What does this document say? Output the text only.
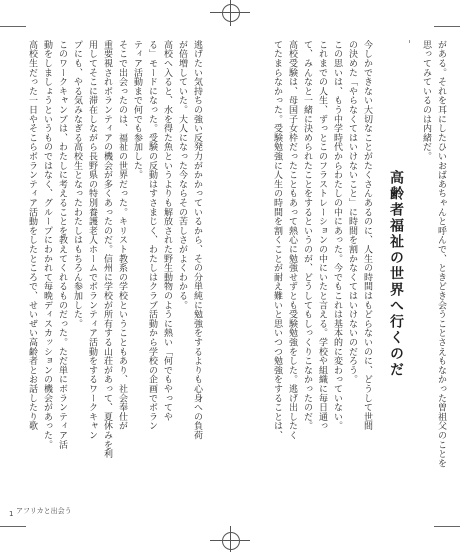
がある。それを耳にしたひいおばあちゃんと呼んで、ときどき会うことさえもなかった曽祖父のことを

思ってみているのは内緒だ。

高齢者福祉の世界へ行くのだ

今しかできない大切なことがたくさんあるのに、人生の時間はもどらないのに、どうして世間

の決めた「やらなくてはいけないこと」に時間を割かなくてはいけないのだろう。

この思いは、もう中学時代からわたしの中にあった。今でもこれは基本的に変わっていない。

これまでの人生、ずっとこのフラストレーションの中にいたと言える。学校や組織に毎日通っ

て、みんなと一緒に決められたことをするというのが、どうしてもしっくりこなかったのだ。

高校受験は、母国子女枠だったこともあって熱心に勉強せずとも受験勉強をした。逃げ出したく

てたまらなかった。受験勉強に人生の時間を割くことが耐え難いと思いつつ勉強をすることは、

逃げたい気持ちの強い反発力がかかっているから、その分単純に勉強をするよりも心身への負荷

が倍増していた。大人になった今ならその苦しさがよくわかる。

高校へ入ると、水を得た魚というよりも解放された野生動物のように熱い「何でもやってや

る」モードになった。受験の反動はすさまじく、わたしはクラブ活動から学校の企画でボラン

ティア活動まで何でも参加した。

そこで出会ったのは、福祉の世界だった。キリスト教系の学校ということもあり、社会奉仕が

重要視されボランティアの機会が多くあったのだ。信州に学校が所有する山荘があって、夏休みを利

用してそこに滞在しながら長野県の特別養護老人ホームでボランティア活動をするワークキャン

プにも、やる気みなぎる高校生となったわたしはもちろん参加した。

このワークキャンプは、わたしに考えることを教えてくれるものだった。ただ単にボランティア活

動をしましょうというものではなく、グループにわかれて毎晩ディスカッションの機会があった。

高校生だった一日やそこらボランティア活動をしたところで、せいぜい高齢者とお話したり歌

1 アフリカと出会う
